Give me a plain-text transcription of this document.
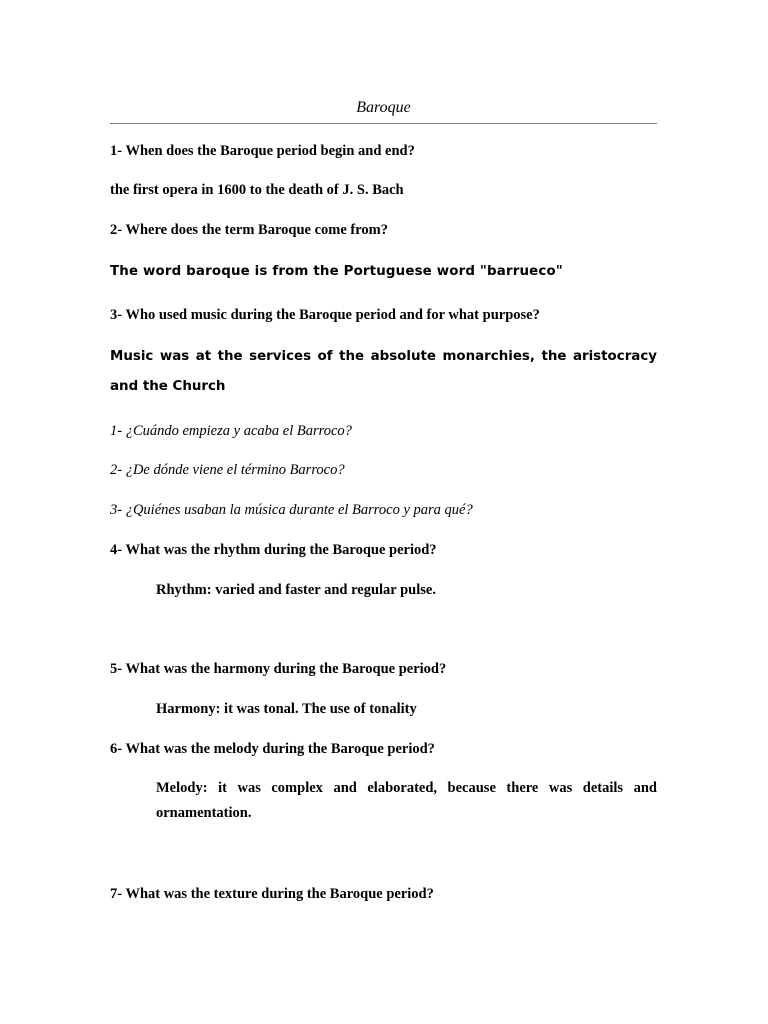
Baroque
1- When does the Baroque period begin and end?
the first opera in 1600 to the death of J. S. Bach
2- Where does the term Baroque come from?
The word baroque is from the Portuguese word "barrueco"
3- Who used music during the Baroque period and for what purpose?
Music was at the services of the absolute monarchies, the aristocracy and the Church
1- ¿Cuándo empieza y acaba el Barroco?
2- ¿De dónde viene el término Barroco?
3- ¿Quiénes usaban la música durante el Barroco y para qué?
4- What was the rhythm during the Baroque period?
Rhythm: varied and faster and regular pulse.
5- What was the harmony during the Baroque period?
Harmony: it was tonal. The use of tonality
6- What was the melody during the Baroque period?
Melody: it was complex and elaborated, because there was details and ornamentation.
7- What was the texture during the Baroque period?
